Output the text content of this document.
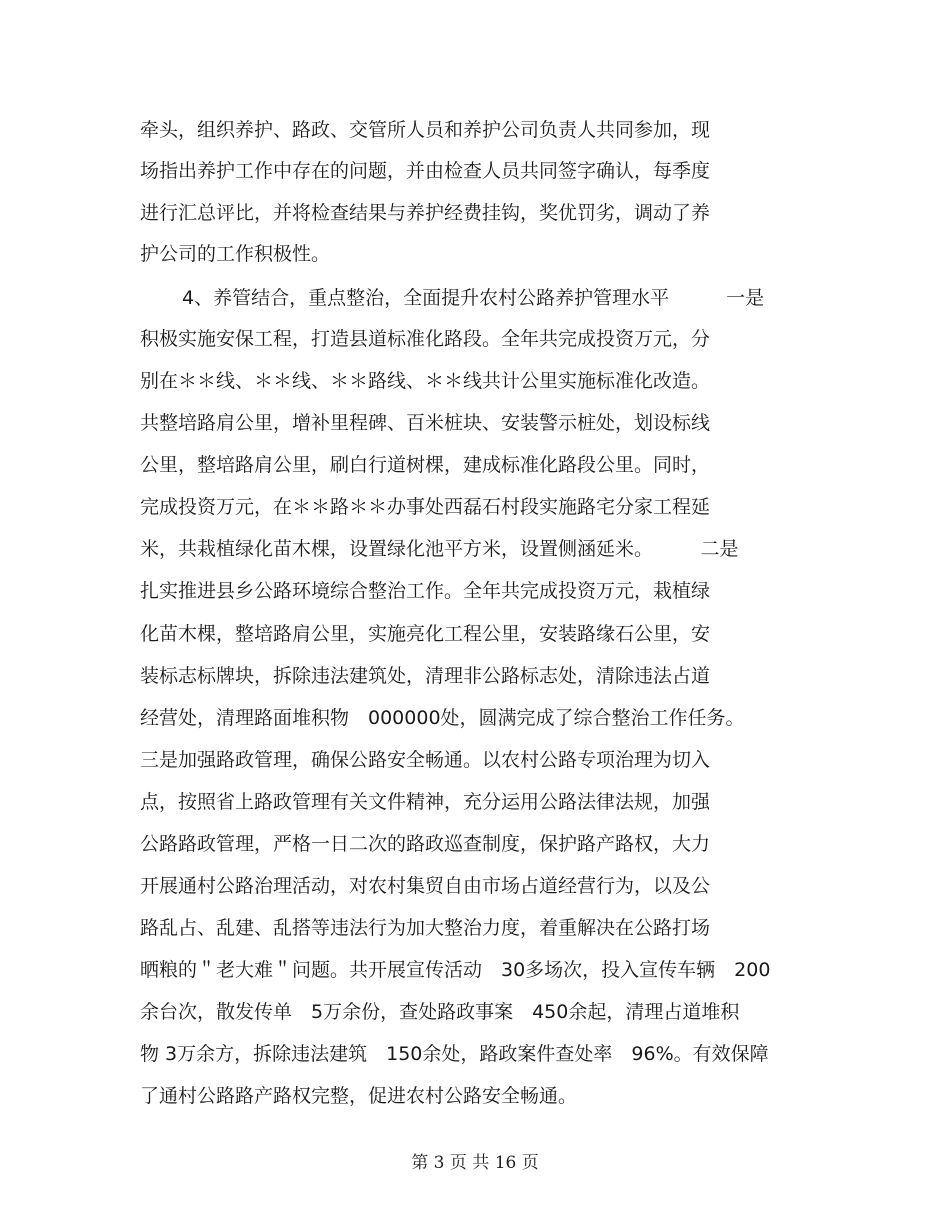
牵头，组织养护、路政、交管所人员和养护公司负责人共同参加，现
场指出养护工作中存在的问题，并由检查人员共同签字确认，每季度
进行汇总评比，并将检查结果与养护经费挂钩，奖优罚劣，调动了养
护公司的工作积极性。
4、养管结合，重点整治，全面提升农村公路养护管理水平　　　一是
积极实施安保工程，打造县道标准化路段。全年共完成投资万元，分
别在＊＊线、＊＊线、＊＊路线、＊＊线共计公里实施标准化改造。
共整培路肩公里，增补里程碑、百米桩块、安装警示桩处，划设标线
公里，整培路肩公里，刷白行道树棵，建成标准化路段公里。同时，
完成投资万元，在＊＊路＊＊办事处西磊石村段实施路宅分家工程延
米，共栽植绿化苗木棵，设置绿化池平方米，设置侧涵延米。　　　二是
扎实推进县乡公路环境综合整治工作。全年共完成投资万元，栽植绿
化苗木棵，整培路肩公里，实施亮化工程公里，安装路缘石公里，安
装标志标牌块，拆除违法建筑处，清理非公路标志处，清除违法占道
经营处，清理路面堆积物　000000处，圆满完成了综合整治工作任务。
三是加强路政管理，确保公路安全畅通。以农村公路专项治理为切入
点，按照省上路政管理有关文件精神，充分运用公路法律法规，加强
公路路政管理，严格一日二次的路政巡查制度，保护路产路权，大力
开展通村公路治理活动，对农村集贸自由市场占道经营行为，以及公
路乱占、乱建、乱搭等违法行为加大整治力度，着重解决在公路打场
晒粮的＂老大难＂问题。共开展宣传活动　30多场次，投入宣传车辆　200
余台次，散发传单　5万余份，查处路政事案　450余起，清理占道堆积
物 3万余方，拆除违法建筑　150余处，路政案件查处率　96%。有效保障
了通村公路路产路权完整，促进农村公路安全畅通。
第 3 页 共 16 页
